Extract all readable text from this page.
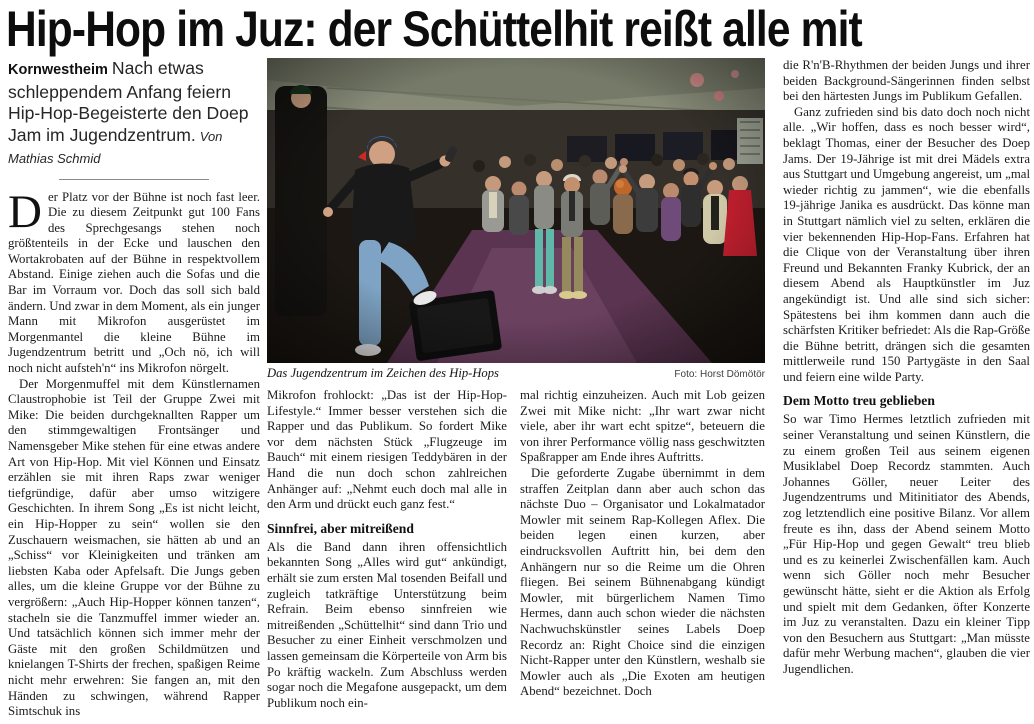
Hip-Hop im Juz: der Schüttelhit reißt alle mit

Kornwestheim Nach etwas schleppendem Anfang feiern Hip-Hop-Begeisterte den Doep Jam im Jugendzentrum. Von Mathias Schmid

Der Platz vor der Bühne ist noch fast leer. Die zu diesem Zeitpunkt gut 100 Fans des Sprechgesangs stehen noch größtenteils in der Ecke und lauschen den Wortakrobaten auf der Bühne in respektvollem Abstand. Einige ziehen auch die Sofas und die Bar im Vorraum vor. Doch das soll sich bald ändern. Und zwar in dem Moment, als ein junger Mann mit Mikrofon ausgerüstet im Morgenmantel die kleine Bühne im Jugendzentrum betritt und „Och nö, ich will noch nicht aufsteh'n“ ins Mikrofon nörgelt.

Der Morgenmuffel mit dem Künstlernamen Claustrophobie ist Teil der Gruppe Zwei mit Mike: Die beiden durchgeknallten Rapper um den stimmgewaltigen Frontsänger und Namensgeber Mike stehen für eine etwas andere Art von Hip-Hop. Mit viel Können und Einsatz erzählen sie mit ihren Raps zwar weniger tiefgründige, dafür aber umso witzigere Geschichten. In ihrem Song „Es ist nicht leicht, ein Hip-Hopper zu sein“ wollen sie den Zuschauern weismachen, sie hätten ab und an „Schiss“ vor Kleinigkeiten und tränken am liebsten Kaba oder Apfelsaft. Die Jungs geben alles, um die kleine Gruppe vor der Bühne zu vergrößern: „Auch Hip-Hopper können tanzen“, stacheln sie die Tanzmuffel immer wieder an. Und tatsächlich können sich immer mehr der Gäste mit den großen Schildmützen und knielangen T-Shirts der frechen, spaßigen Reime nicht mehr erwehren: Sie fangen an, mit den Händen zu schwingen, während Rapper Simtschuk ins

Das Jugendzentrum im Zeichen des Hip-Hops	Foto: Horst Dömötör

Mikrofon frohlockt: „Das ist der Hip-Hop-Lifestyle.“ Immer besser verstehen sich die Rapper und das Publikum. So fordert Mike vor dem nächsten Stück „Flugzeuge im Bauch“ mit einem riesigen Teddybären in der Hand die nun doch schon zahlreichen Anhänger auf: „Nehmt euch doch mal alle in den Arm und drückt euch ganz fest.“

Sinnfrei, aber mitreißend

Als die Band dann ihren offensichtlich bekannten Song „Alles wird gut“ ankündigt, erhält sie zum ersten Mal tosenden Beifall und zugleich tatkräftige Unterstützung beim Refrain. Beim ebenso sinnfreien wie mitreißenden „Schüttelhit“ sind dann Trio und Besucher zu einer Einheit verschmolzen und lassen gemeinsam die Körperteile von Arm bis Po kräftig wackeln. Zum Abschluss werden sogar noch die Megafone ausgepackt, um dem Publikum noch ein-

mal richtig einzuheizen. Auch mit Lob geizen Zwei mit Mike nicht: „Ihr wart zwar nicht viele, aber ihr wart echt spitze“, beteuern die von ihrer Performance völlig nass geschwitzten Spaßrapper am Ende ihres Auftritts.

Die geforderte Zugabe übernimmt in dem straffen Zeitplan dann aber auch schon das nächste Duo – Organisator und Lokalmatador Mowler mit seinem Rap-Kollegen Aflex. Die beiden legen einen kurzen, aber eindrucksvollen Auftritt hin, bei dem den Anhängern nur so die Reime um die Ohren fliegen. Bei seinem Bühnenabgang kündigt Mowler, mit bürgerlichem Namen Timo Hermes, dann auch schon wieder die nächsten Nachwuchskünstler seines Labels Doep Recordz an: Right Choice sind die einzigen Nicht-Rapper unter den Künstlern, weshalb sie Mowler auch als „Die Exoten am heutigen Abend“ bezeichnet. Doch

die R'n'B-Rhythmen der beiden Jungs und ihrer beiden Background-Sängerinnen finden selbst bei den härtesten Jungs im Publikum Gefallen.

Ganz zufrieden sind bis dato doch noch nicht alle. „Wir hoffen, dass es noch besser wird“, beklagt Thomas, einer der Besucher des Doep Jams. Der 19-Jährige ist mit drei Mädels extra aus Stuttgart und Umgebung angereist, um „mal wieder richtig zu jammen“, wie die ebenfalls 19-jährige Janika es ausdrückt. Das könne man in Stuttgart nämlich viel zu selten, erklären die vier bekennenden Hip-Hop-Fans. Erfahren hat die Clique von der Veranstaltung über ihren Freund und Bekannten Franky Kubrick, der an diesem Abend als Hauptkünstler im Juz angekündigt ist. Und alle sind sich sicher: Spätestens bei ihm kommen dann auch die schärfsten Kritiker befriedet: Als die Rap-Größe die Bühne betritt, drängen sich die gesamten mittlerweile rund 150 Partygäste in den Saal und feiern eine wilde Party.

Dem Motto treu geblieben

So war Timo Hermes letztlich zufrieden mit seiner Veranstaltung und seinen Künstlern, die zu einem großen Teil aus seinem eigenen Musiklabel Doep Recordz stammten. Auch Johannes Göller, neuer Leiter des Jugendzentrums und Mitinitiator des Abends, zog letztendlich eine positive Bilanz. Vor allem freute es ihn, dass der Abend seinem Motto „Für Hip-Hop und gegen Gewalt“ treu blieb und es zu keinerlei Zwischenfällen kam. Auch wenn sich Göller noch mehr Besucher gewünscht hätte, sieht er die Aktion als Erfolg und spielt mit dem Gedanken, öfter Konzerte im Juz zu veranstalten. Dazu ein kleiner Tipp von den Besuchern aus Stuttgart: „Man müsste dafür mehr Werbung machen“, glauben die vier Jugendlichen.
